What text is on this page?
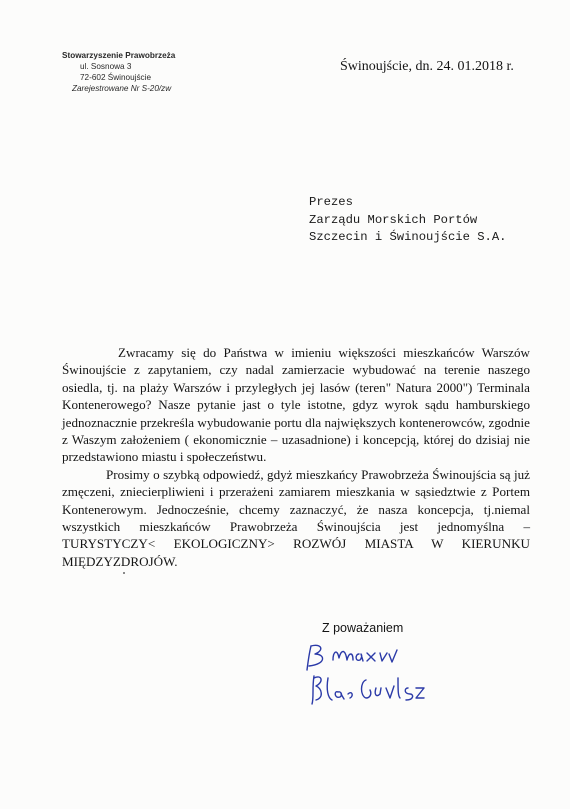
Stowarzyszenie Prawobrzeża
ul. Sosnowa 3
72-602 Świnoujście
Zarejestrowane Nr S-20/zw
Świnoujście, dn. 24. 01.2018 r.
Prezes
Zarządu Morskich Portów
Szczecin i Świnoujście S.A.

Zwracamy się do Państwa w imieniu większości mieszkańców Warszów Świnoujście z zapytaniem, czy nadal zamierzacie wybudować na terenie naszego osiedla, tj. na plaży Warszów i przyległych jej lasów (teren" Natura 2000") Terminala Kontenerowego? Nasze pytanie jast o tyle istotne, gdyz wyrok sądu hamburskiego jednoznacznie przekreśla wybudowanie portu dla największych kontenerowców, zgodnie z Waszym założeniem ( ekonomicznie – uzasadnione) i koncepcją, której do dzisiaj nie przedstawiono miastu i społeczeństwu.

Prosimy o szybką odpowiedź, gdyż mieszkańcy Prawobrzeża Świnoujścia są już zmęczeni, zniecierpliwieni i przerażeni zamiarem mieszkania w sąsiedztwie z Portem Kontenerowym. Jednocześnie, chcemy zaznaczyć, że nasza koncepcja, tj.niemal wszystkich mieszkańców Prawobrzeża Świnoujścia jest jednomyślna – TURYSTYCZY< EKOLOGICZNY> ROZWÓJ MIASTA W KIERUNKU MIĘDZYZDROJÓW.

Z poważaniem
